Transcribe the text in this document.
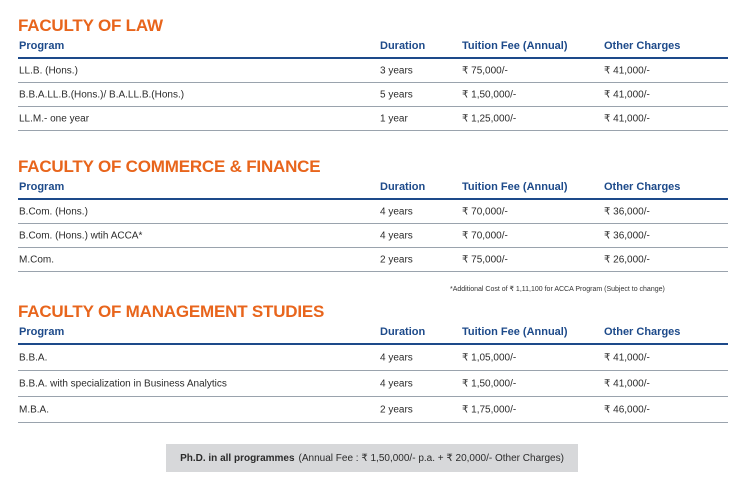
FACULTY OF LAW
Program	Duration	Tuition Fee (Annual)	Other Charges
LL.B. (Hons.)	3 years	₹ 75,000/-	₹ 41,000/-
B.B.A.LL.B.(Hons.)/ B.A.LL.B.(Hons.)	5 years	₹ 1,50,000/-	₹ 41,000/-
LL.M.- one year	1 year	₹ 1,25,000/-	₹ 41,000/-
FACULTY OF COMMERCE & FINANCE
Program	Duration	Tuition Fee (Annual)	Other Charges
B.Com. (Hons.)	4 years	₹ 70,000/-	₹ 36,000/-
B.Com. (Hons.) wtih ACCA*	4 years	₹ 70,000/-	₹ 36,000/-
M.Com.	2 years	₹ 75,000/-	₹ 26,000/-
*Additional Cost of ₹ 1,11,100 for ACCA Program (Subject to change)
FACULTY OF MANAGEMENT STUDIES
Program	Duration	Tuition Fee (Annual)	Other Charges
B.B.A.	4 years	₹ 1,05,000/-	₹ 41,000/-
B.B.A. with specialization in Business Analytics	4 years	₹ 1,50,000/-	₹ 41,000/-
M.B.A.	2 years	₹ 1,75,000/-	₹ 46,000/-
Ph.D. in all programmes (Annual Fee : ₹ 1,50,000/- p.a. + ₹ 20,000/- Other Charges)
